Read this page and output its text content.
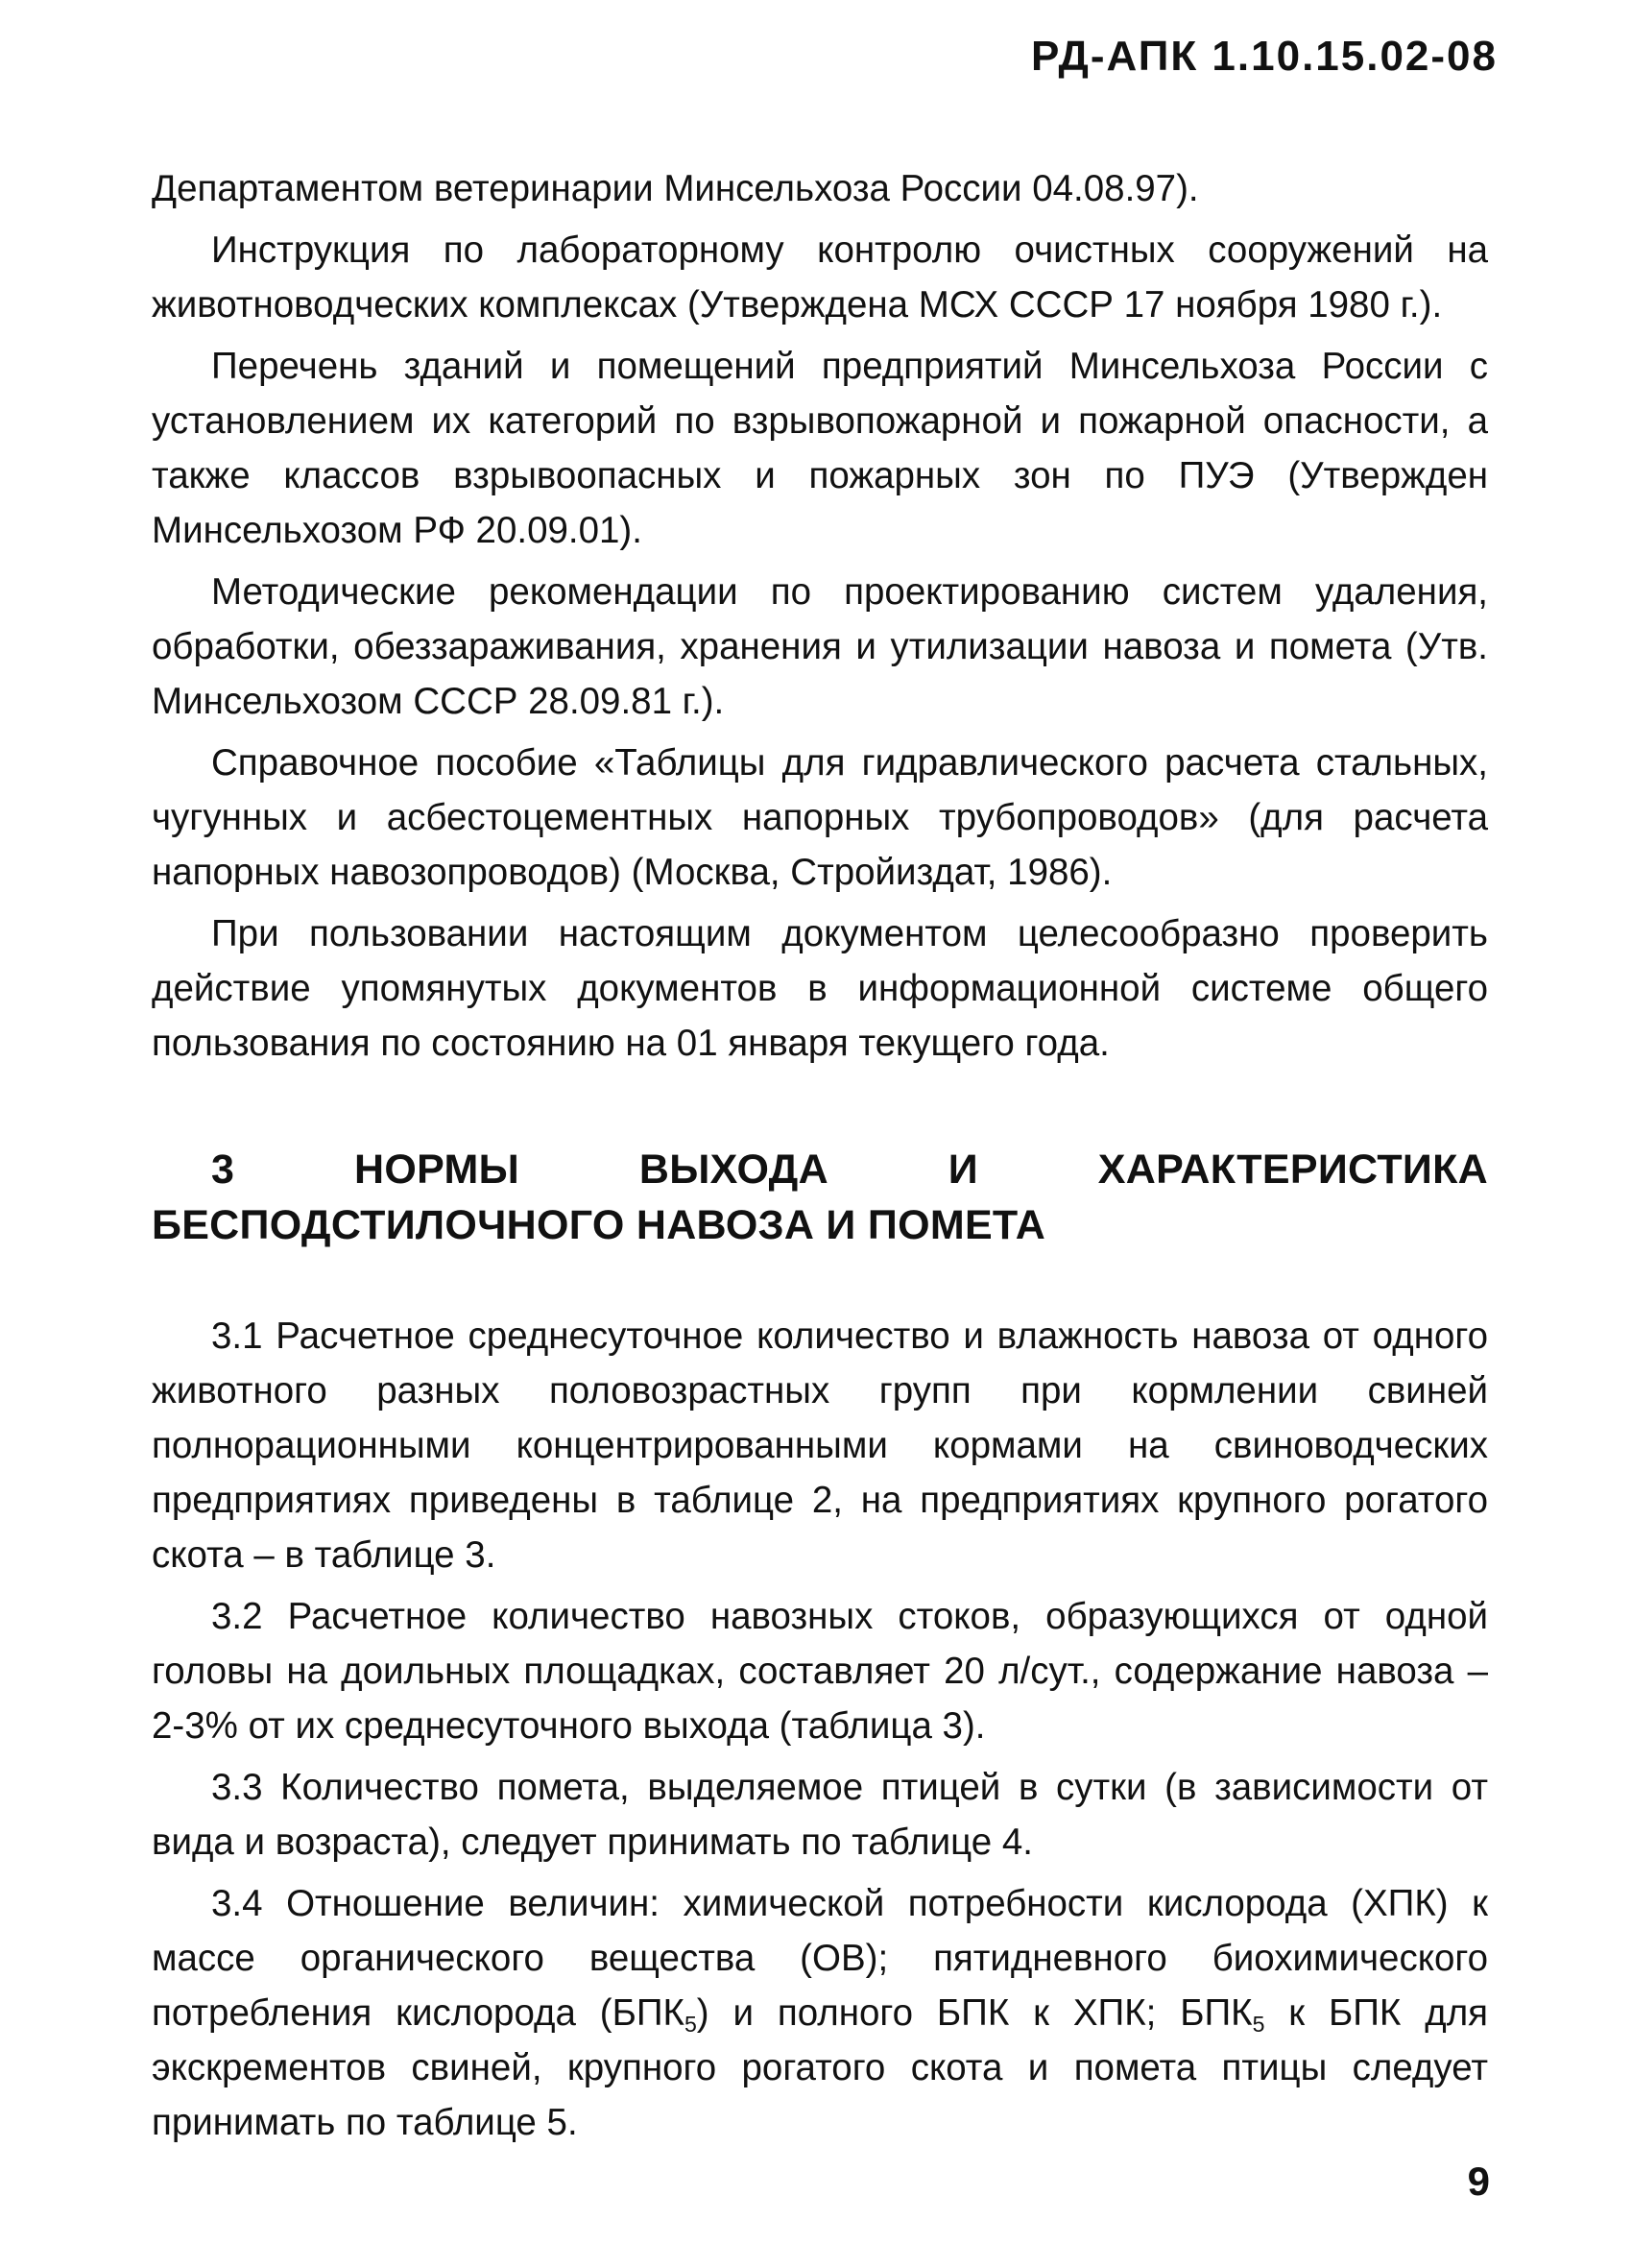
РД-АПК 1.10.15.02-08

Департаментом ветеринарии Минсельхоза России 04.08.97).

Инструкция по лабораторному контролю очистных сооружений на животноводческих комплексах (Утверждена МСХ СССР 17 ноября 1980 г.).

Перечень зданий и помещений предприятий Минсельхоза России с установлением их категорий по взрывопожарной и пожарной опасности, а также классов взрывоопасных и пожарных зон по ПУЭ (Утвержден Минсельхозом РФ 20.09.01).

Методические рекомендации по проектированию систем удаления, обработки, обеззараживания, хранения и утилизации навоза и помета (Утв. Минсельхозом СССР 28.09.81 г.).

Справочное пособие «Таблицы для гидравлического расчета стальных, чугунных и асбестоцементных напорных трубопроводов» (для расчета напорных навозопроводов) (Москва, Стройиздат, 1986).

При пользовании настоящим документом целесообразно проверить действие упомянутых документов в информационной системе общего пользования по состоянию на 01 января текущего года.

3 НОРМЫ ВЫХОДА И ХАРАКТЕРИСТИКА БЕСПОДСТИЛОЧНОГО НАВОЗА И ПОМЕТА

3.1 Расчетное среднесуточное количество и влажность навоза от одного животного разных половозрастных групп при кормлении свиней полнорационными концентрированными кормами на свиноводческих предприятиях приведены в таблице 2, на предприятиях крупного рогатого скота – в таблице 3.

3.2 Расчетное количество навозных стоков, образующихся от одной головы на доильных площадках, составляет 20 л/сут., содержание навоза – 2-3% от их среднесуточного выхода (таблица 3).

3.3 Количество помета, выделяемое птицей в сутки (в зависимости от вида и возраста), следует принимать по таблице 4.

3.4 Отношение величин: химической потребности кислорода (ХПК) к массе органического вещества (ОВ); пятидневного биохимического потребления кислорода $(БПК_5)$ и полного БПК к ХПК; $БПК_5$ к БПК для экскрементов свиней, крупного рогатого скота и помета птицы следует принимать по таблице 5.

9
